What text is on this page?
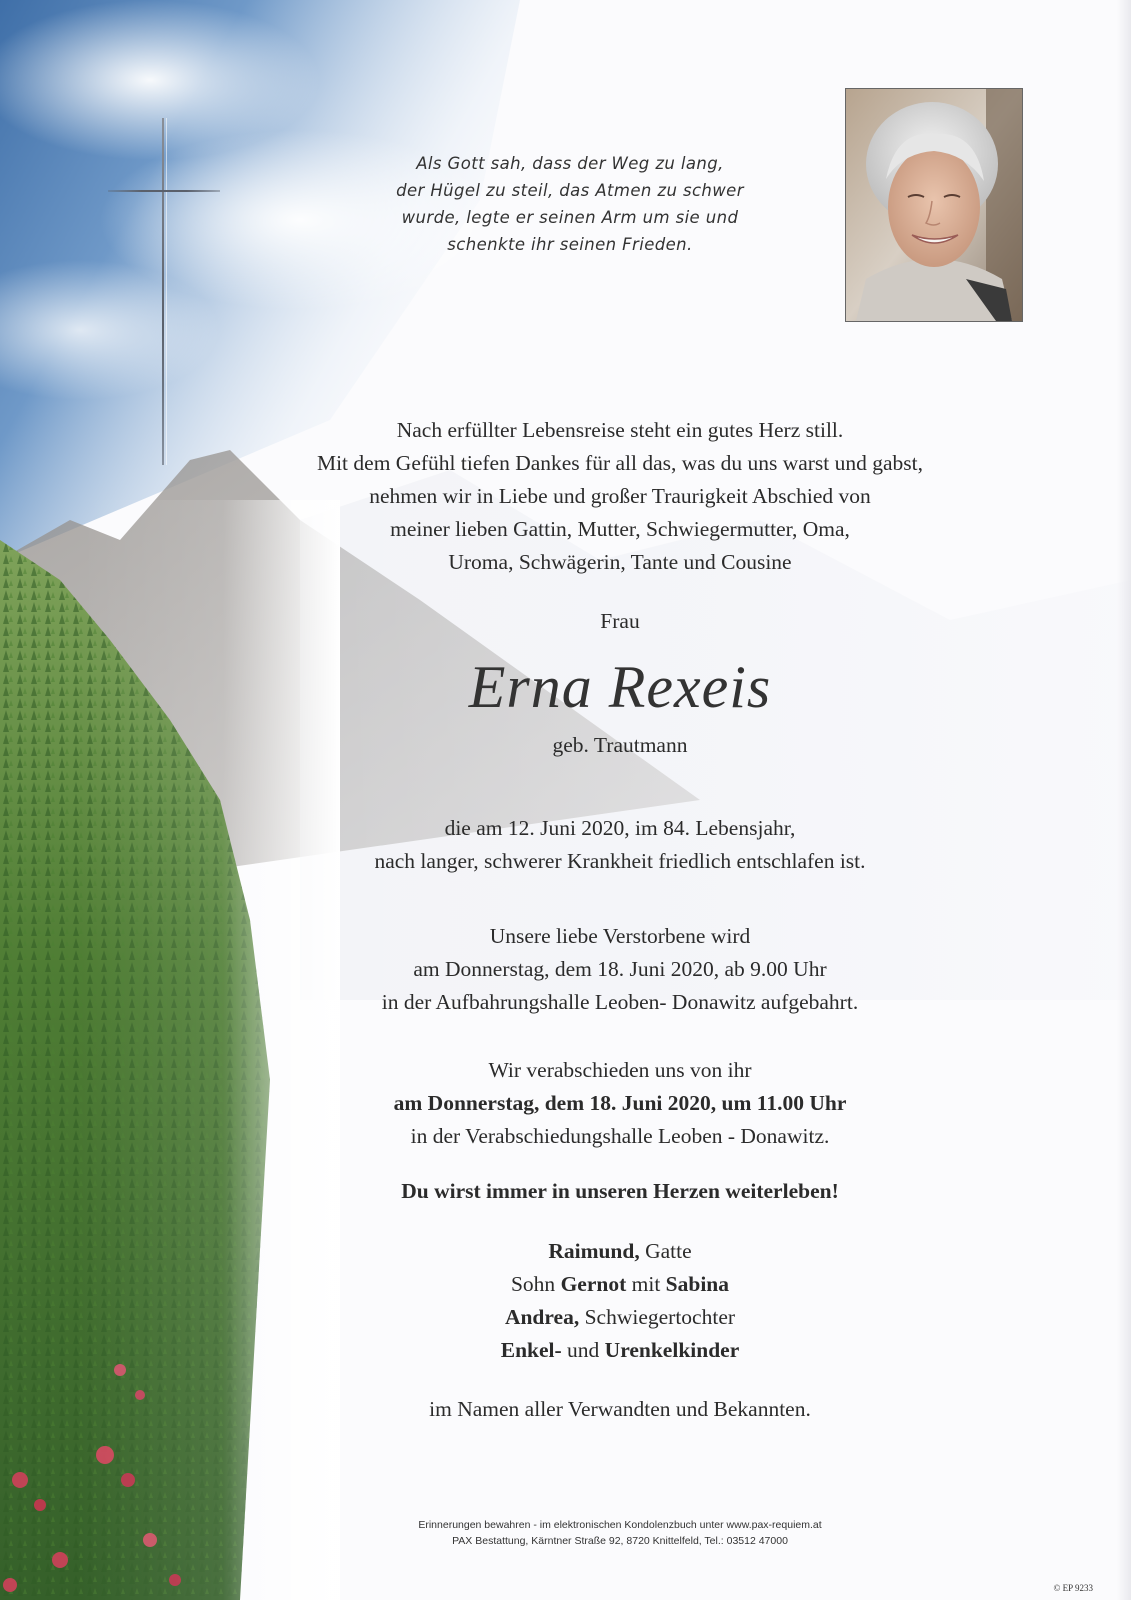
Als Gott sah, dass der Weg zu lang,
der Hügel zu steil, das Atmen zu schwer
wurde, legte er seinen Arm um sie und
schenkte ihr seinen Frieden.
Nach erfüllter Lebensreise steht ein gutes Herz still.
Mit dem Gefühl tiefen Dankes für all das, was du uns warst und gabst,
nehmen wir in Liebe und großer Traurigkeit Abschied von
meiner lieben Gattin, Mutter, Schwiegermutter, Oma,
Uroma, Schwägerin, Tante und Cousine
Frau
Erna Rexeis
geb. Trautmann
die am 12. Juni 2020, im 84. Lebensjahr,
nach langer, schwerer Krankheit friedlich entschlafen ist.
Unsere liebe Verstorbene wird
am Donnerstag, dem 18. Juni 2020, ab 9.00 Uhr
in der Aufbahrungshalle Leoben- Donawitz aufgebahrt.
Wir verabschieden uns von ihr
am Donnerstag, dem 18. Juni 2020, um 11.00 Uhr
in der Verabschiedungshalle Leoben - Donawitz.
Du wirst immer in unseren Herzen weiterleben!
Raimund, Gatte
Sohn Gernot mit Sabina
Andrea, Schwiegertochter
Enkel- und Urenkelkinder
im Namen aller Verwandten und Bekannten.
Erinnerungen bewahren - im elektronischen Kondolenzbuch unter www.pax-requiem.at
PAX Bestattung, Kärntner Straße 92, 8720 Knittelfeld, Tel.: 03512 47000
© EP 9233
